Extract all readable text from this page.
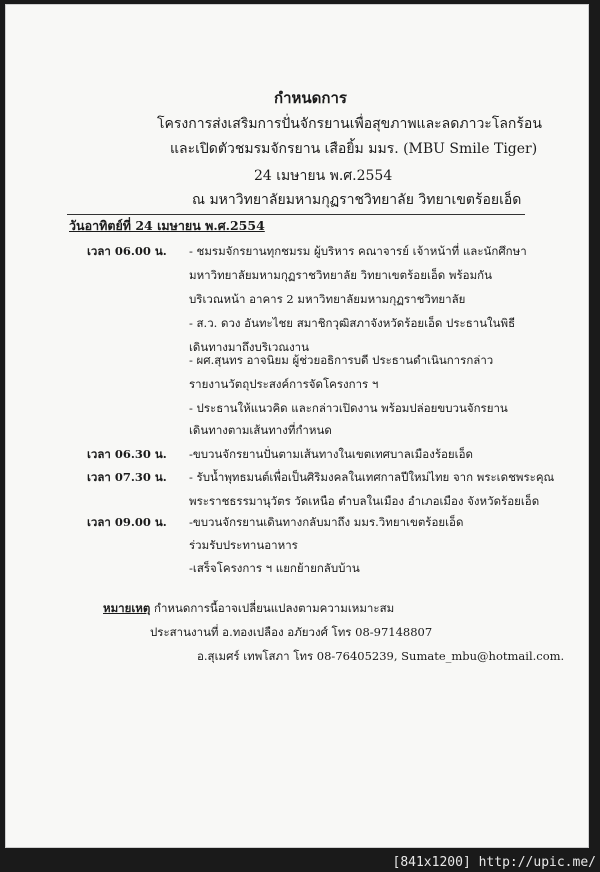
กำหนดการ
โครงการส่งเสริมการปั่นจักรยานเพื่อสุขภาพและลดภาวะโลกร้อน
และเปิดตัวชมรมจักรยาน เสือยิ้ม มมร. (MBU Smile Tiger)
24 เมษายน พ.ศ.2554
ณ มหาวิทยาลัยมหามกุฏราชวิทยาลัย วิทยาเขตร้อยเอ็ด
วันอาทิตย์ที่ 24 เมษายน พ.ศ.2554
เวลา 06.00 น. - ชมรมจักรยานทุกชมรม ผู้บริหาร คณาจารย์ เจ้าหน้าที่ และนักศึกษา
มหาวิทยาลัยมหามกุฏราชวิทยาลัย วิทยาเขตร้อยเอ็ด พร้อมกัน
บริเวณหน้า อาคาร 2 มหาวิทยาลัยมหามกุฏราชวิทยาลัย
- ส.ว. ดวง อันทะไชย สมาชิกวุฒิสภาจังหวัดร้อยเอ็ด ประธานในพิธี
เดินทางมาถึงบริเวณงาน
- ผศ.สุนทร อาจนิยม ผู้ช่วยอธิการบดี ประธานดำเนินการกล่าว
รายงานวัตถุประสงค์การจัดโครงการ ฯ
- ประธานให้แนวคิด และกล่าวเปิดงาน พร้อมปล่อยขบวนจักรยาน
เดินทางตามเส้นทางที่กำหนด
เวลา 06.30 น. -ขบวนจักรยานปั่นตามเส้นทางในเขตเทศบาลเมืองร้อยเอ็ด
เวลา 07.30 น. - รับน้ำพุทธมนต์เพื่อเป็นศิริมงคลในเทศกาลปีใหม่ไทย จาก พระเดชพระคุณ
พระราชธรรมานุวัตร วัดเหนือ ตำบลในเมือง อำเภอเมือง จังหวัดร้อยเอ็ด
เวลา 09.00 น. -ขบวนจักรยานเดินทางกลับมาถึง มมร.วิทยาเขตร้อยเอ็ด
ร่วมรับประทานอาหาร
-เสร็จโครงการ ฯ แยกย้ายกลับบ้าน
หมายเหตุ กำหนดการนี้อาจเปลี่ยนแปลงตามความเหมาะสม
ประสานงานที่ อ.ทองเปลือง อภัยวงศ์ โทร 08-97148807
อ.สุเมศร์ เทพโสภา โทร 08-76405239, Sumate_mbu@hotmail.com.
[841x1200] http://upic.me/
